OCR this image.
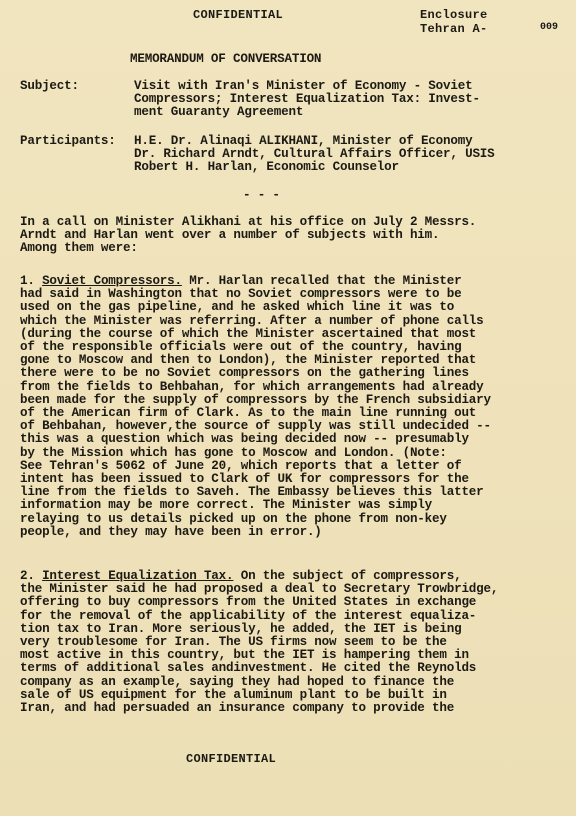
CONFIDENTIAL	Enclosure
Tehran A-	009
MEMORANDUM OF CONVERSATION
Subject:	Visit with Iran's Minister of Economy - Soviet
Compressors; Interest Equalization Tax: Invest-
ment Guaranty Agreement
Participants: H.E. Dr. Alinaqi ALIKHANI, Minister of Economy
Dr. Richard Arndt, Cultural Affairs Officer, USIS
Robert H. Harlan, Economic Counselor
- - -
In a call on Minister Alikhani at his office on July 2 Messrs.
Arndt and Harlan went over a number of subjects with him.
Among them were:
1. Soviet Compressors. Mr. Harlan recalled that the Minister
had said in Washington that no Soviet compressors were to be
used on the gas pipeline, and he asked which line it was to
which the Minister was referring. After a number of phone calls
(during the course of which the Minister ascertained that most
of the responsible officials were out of the country, having
gone to Moscow and then to London), the Minister reported that
there were to be no Soviet compressors on the gathering lines
from the fields to Behbahan, for which arrangements had already
been made for the supply of compressors by the French subsidiary
of the American firm of Clark. As to the main line running out
of Behbahan, however,the source of supply was still undecided --
this was a question which was being decided now -- presumably
by the Mission which has gone to Moscow and London. (Note:
See Tehran's 5062 of June 20, which reports that a letter of
intent has been issued to Clark of UK for compressors for the
line from the fields to Saveh. The Embassy believes this latter
information may be more correct. The Minister was simply
relaying to us details picked up on the phone from non-key
people, and they may have been in error.)
2. Interest Equalization Tax. On the subject of compressors,
the Minister said he had proposed a deal to Secretary Trowbridge,
offering to buy compressors from the United States in exchange
for the removal of the applicability of the interest equaliza-
tion tax to Iran. More seriously, he added, the IET is being
very troublesome for Iran. The US firms now seem to be the
most active in this country, but the IET is hampering them in
terms of additional sales andinvestment. He cited the Reynolds
company as an example, saying they had hoped to finance the
sale of US equipment for the aluminum plant to be built in
Iran, and had persuaded an insurance company to provide the
CONFIDENTIAL
